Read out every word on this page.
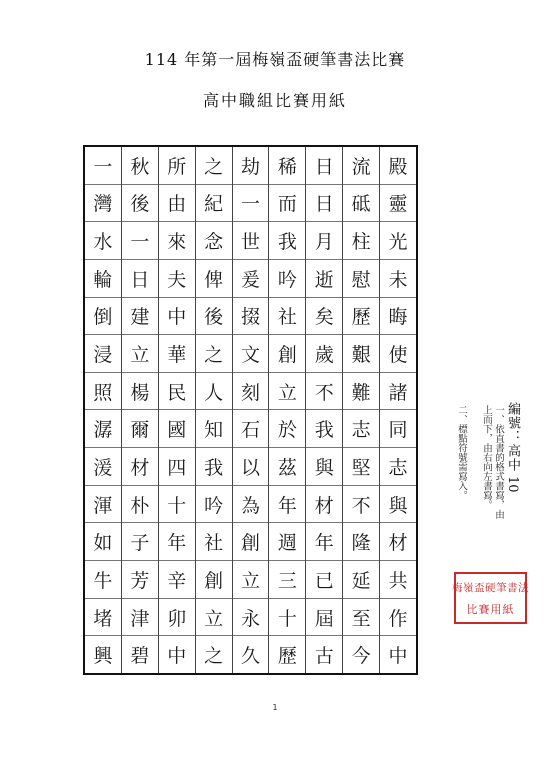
114 年第一屆梅嶺盃硬筆書法比賽
高中職組比賽用紙
殿
靈
光
未
晦
使
諸
同
志
與
材
共
作
中
流
砥
柱
慰
歷
艱
難
志
堅
不
隆
延
至
今
日
日
月
逝
矣
歲
不
我
與
材
年
已
屆
古
稀
而
我
吟
社
創
立
於
茲
年
週
三
十
歷
劫
一
世
爰
掇
文
刻
石
以
為
創
立
永
久
之
紀
念
俾
後
之
人
知
我
吟
社
創
立
之
所
由
來
夫
中
華
民
國
四
十
年
辛
卯
中
秋
後
一
日
建
立
楊
爾
材
朴
子
芳
津
碧
一
灣
水
輪
倒
浸
照
潺
湲
渾
如
牛
堵
興
編號：高中10
一、依直書的格式書寫，由上而下，由右向左書寫。
二、標點符號需寫入。
梅嶺盃硬筆書法
比賽用紙
1
